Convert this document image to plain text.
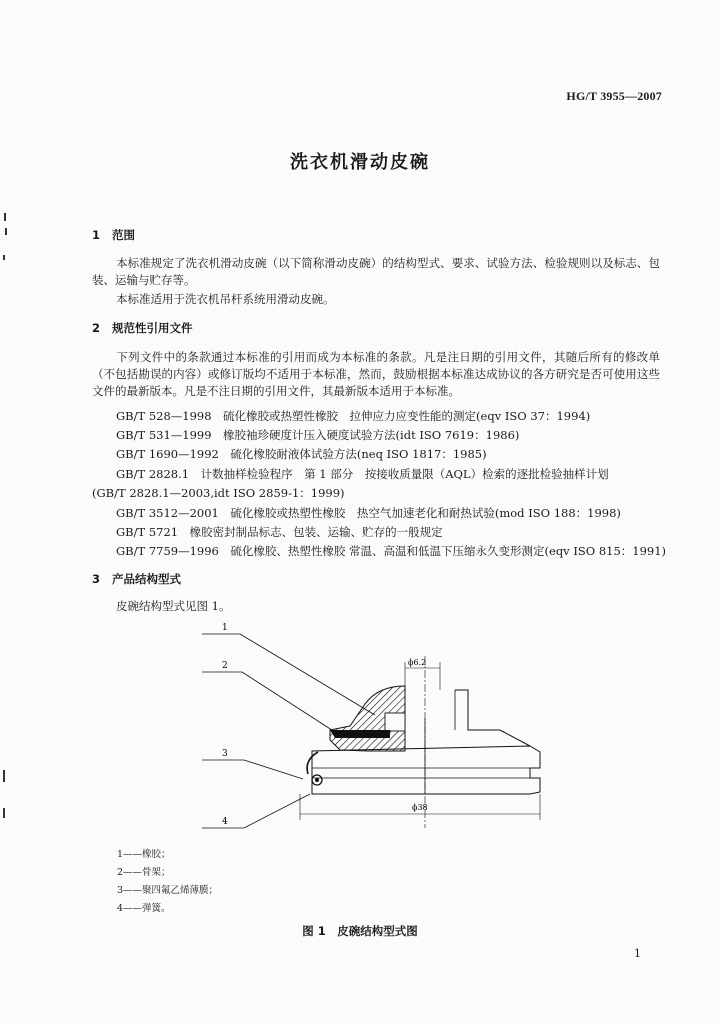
HG/T 3955—2007
洗衣机滑动皮碗
1 范围
本标准规定了洗衣机滑动皮碗（以下简称滑动皮碗）的结构型式、要求、试验方法、检验规则以及标志、包装、运输与贮存等。
本标准适用于洗衣机吊杆系统用滑动皮碗。
2 规范性引用文件
下列文件中的条款通过本标准的引用而成为本标准的条款。凡是注日期的引用文件，其随后所有的修改单（不包括勘误的内容）或修订版均不适用于本标准，然而，鼓励根据本标准达成协议的各方研究是否可使用这些文件的最新版本。凡是不注日期的引用文件，其最新版本适用于本标准。
GB/T 528—1998　硫化橡胶或热塑性橡胶　拉伸应力应变性能的测定(eqv ISO 37：1994)
GB/T 531—1999　橡胶袖珍硬度计压入硬度试验方法(idt ISO 7619：1986)
GB/T 1690—1992　硫化橡胶耐液体试验方法(neq ISO 1817：1985)
GB/T 2828.1　计数抽样检验程序　第 1 部分　按接收质量限（AQL）检索的逐批检验抽样计划
(GB/T 2828.1—2003,idt ISO 2859-1：1999)
GB/T 3512—2001　硫化橡胶或热塑性橡胶　热空气加速老化和耐热试验(mod ISO 188：1998)
GB/T 5721　橡胶密封制品标志、包装、运输、贮存的一般规定
GB/T 7759—1996　硫化橡胶、热塑性橡胶 常温、高温和低温下压缩永久变形测定(eqv ISO 815：1991)
3 产品结构型式
皮碗结构型式见图 1。
1
2
3
4
ϕ6.2
ϕ38
1——橡胶；
2——骨架；
3——聚四氟乙烯薄膜；
4——弹簧。
图 1　 皮碗结构型式图
1
